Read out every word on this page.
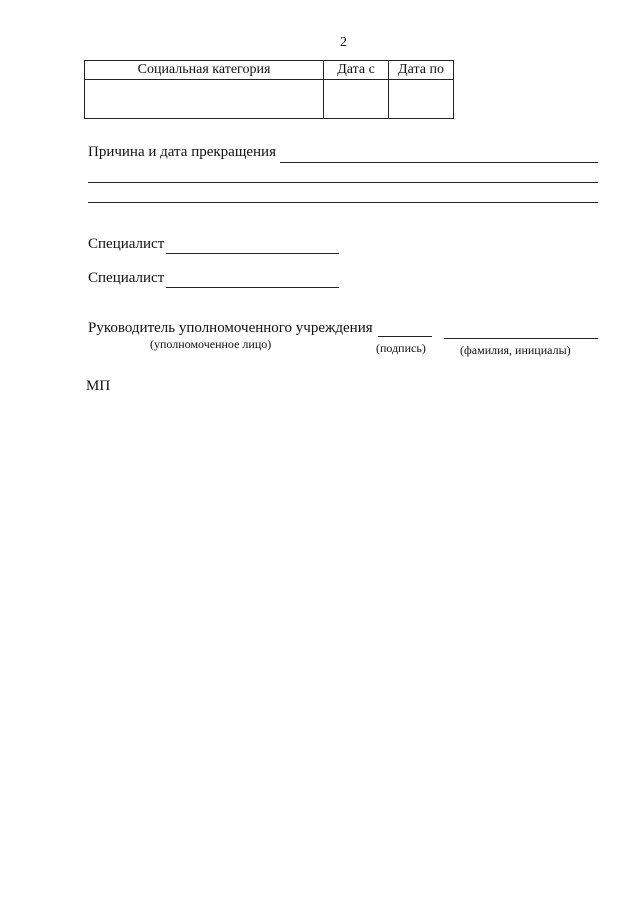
2
Социальная категория	Дата с	Дата по

Причина и дата прекращения
Специалист
Специалист
Руководитель уполномоченного учреждения
(уполномоченное лицо)	(подпись)	(фамилия, инициалы)
МП
